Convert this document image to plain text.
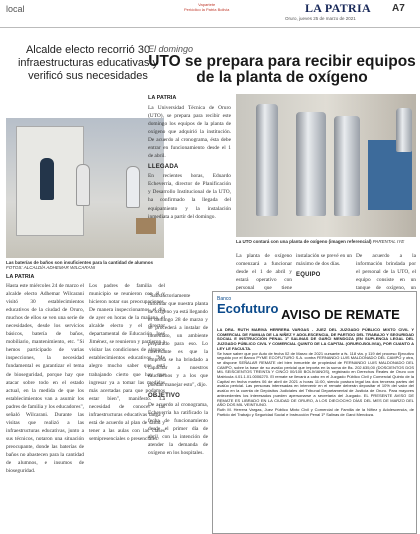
local	Vapartete
Periódico la Patria Bolivia	LA PATRIA A7
Oruro, jueves 25 de marzo de 2021
Alcalde electo recorrió 30 infraestructuras educativas y verificó sus necesidades
Las baterías de baños son insuficientes para la cantidad de alumnos FOTOS: ALCALDÍA ADHEMAR WILCARANI
LA PATRIA
Hasta este miércoles 24 de marzo el alcalde electo Adhemar Wilcarani visitó 30 establecimientos educativos de la ciudad de Oruro, muchos de ellos se ven una serie de necesidades, desde los servicios básicos, batería de baños, mobiliario, mantenimiento, etc. "Si hemos participado de varias inspecciones, la necesidad fundamental es garantizar el tema de bioseguridad, porque hay que atacar sobre todo en el estado actual, en la medida de que los establecimientos van a asumir los padres de familia y los educadores", señaló Wilcarani. Durante las visitas que realizó a las infraestructuras educativas, junto a sus técnicos, notaron una situación preocupante, donde las baterías de baños no abastecen para la cantidad de alumnos, e insumos de bioseguridad.
Los padres de familia del municipio se reunieron con él y hicieron notar sus preocupaciones. De manera inspeccionamos, el día de ayer en horas de la mañana, el alcalde electo y el director departamental de Educación, José Jiménez, se reunieron y partieron a visitar las condiciones de algunos establecimientos educativos. "Me alegro mucho saber que está trabajando cierto que hay que ingresar ya a tomar las medidas más acertadas para que podamos estar bien", manifestó. La necesidad de conocer las infraestructuras educativas tanga y está de acuerdo al plan de salud y tener a las aulas con las clases semipresenciales o presenciales.
El domingo
UTO se prepara para recibir equipos de la planta de oxígeno
LA PATRIA
La Universidad Técnica de Oruro (UTO), se prepara para recibir este domingo los equipos de la planta de oxígeno que adquirió la institución. De acuerdo al cronograma, ésta debe entrar en funcionamiento desde el 1 de abril.
LLEGADA
En recientes horas, Eduardo Echeverría, director de Planificación y Desarrollo Institucional de la UTO, ha confirmado la llegada del equipamiento y la instalación inmediata a partir del domingo.
La UTO contará con una planta de oxígeno (imagen referencial) PARENTAL IYE
"Satisfactoriamente informar que nuestra planta de oxígeno ya está llegando el domingo 28 de marzo y se procederá a instalar de inmediato, un ambiente preparado para eso. Lo interesante es que la empresa se ha brindado a capacitar a nuestros muchachos y a los que puedan manejar esto", dijo.
OBJETIVO
De acuerdo al cronograma, Echeverría ha ratificado la fecha de funcionamiento desde el primer día de abril, con la intención de atender la demanda de oxígeno en los hospitales.
La planta de oxígeno comenzará a funcionar desde el 1 de abril y estará operativo con personal que tiene
instalación se prevé en un máximo de dos días.
EQUIPO
De acuerdo a la información brindada por el personal de la UTO, el equipo consiste en un tanque de oxígeno, un
Banco
Ecofuturo AVISO DE REMATE
LA DRA. RUTH MARIVA HERRERA VARGAS - JUEZ DEL JUZGADO PÚBLICO MIXTO CIVIL Y COMERCIAL DE FAMILIA DE LA NIÑEZ Y ADOLESCENCIA, DE PARTIDO DEL TRABAJO Y SEGURIDAD SOCIAL E INSTRUCCIÓN PENAL 1º SALINAS DE GARCI MENDOZA (EN SUPLENCIA LEGAL DEL JUZGADO PÚBLICO CIVIL Y COMERCIAL QUINTO DE LA CAPITAL (ORURO-BOLIVIA), POR CUANTO A LEY LE FACULTA.
Se hace saber que por Auto de fecha 02 de Marzo de 2021 cursante a fs. 118 vta. y 119 del proceso Ejecutivo seguido por el Banco PYME ECOFUTURO S.A. contra FERNANDO LUIS MALDONADO DEL CAMPO y otra, se dispone SEÑALAR REMATE del bien inmueble de propiedad de FERNANDO LUIS MALDONADO DEL CAMPO, sobre la base de su avalúo pericial que importa en la suma de Bs. 202.635,00 (DOSCIENTOS DOS MIL SEISCIENTOS TREINTA Y CINCO 00/100 BOLIVIANOS), registrado en Derechos Reales de Oruro con Matrícula 4.01.1.01.0006270. El remate se llevará a cabo en el Juzgado Público Civil y Comercial Quinto de la Capital en fecha martes 06 de abril de 2021 a horas 11:00, siendo postura legal las dos terceras partes del avalúo pericial. Las personas interesadas en intervenir en el remate deberán depositar el 10% del valor del avalúo en la cuenta de Depósitos Judiciales del Tribunal Departamental de Justicia de Oruro. Para mayores antecedentes los interesados pueden apersonarse a secretaría del Juzgado. EL PRESENTE AVISO DE REMATE ES LIBRADO EN LA CIUDAD DE ORURO, A LOS DIECIOCHO DÍAS DEL MES DE MARZO DEL AÑO DOS MIL VEINTIUNO.
Ruth M. Herrera Vargas, Juez Público Mixto Civil y Comercial de Familia de la Niñez y Adolescencia, de Partido del Trabajo y Seguridad Social e Instrucción Penal 1º Salinas de Garci Mendoza.
